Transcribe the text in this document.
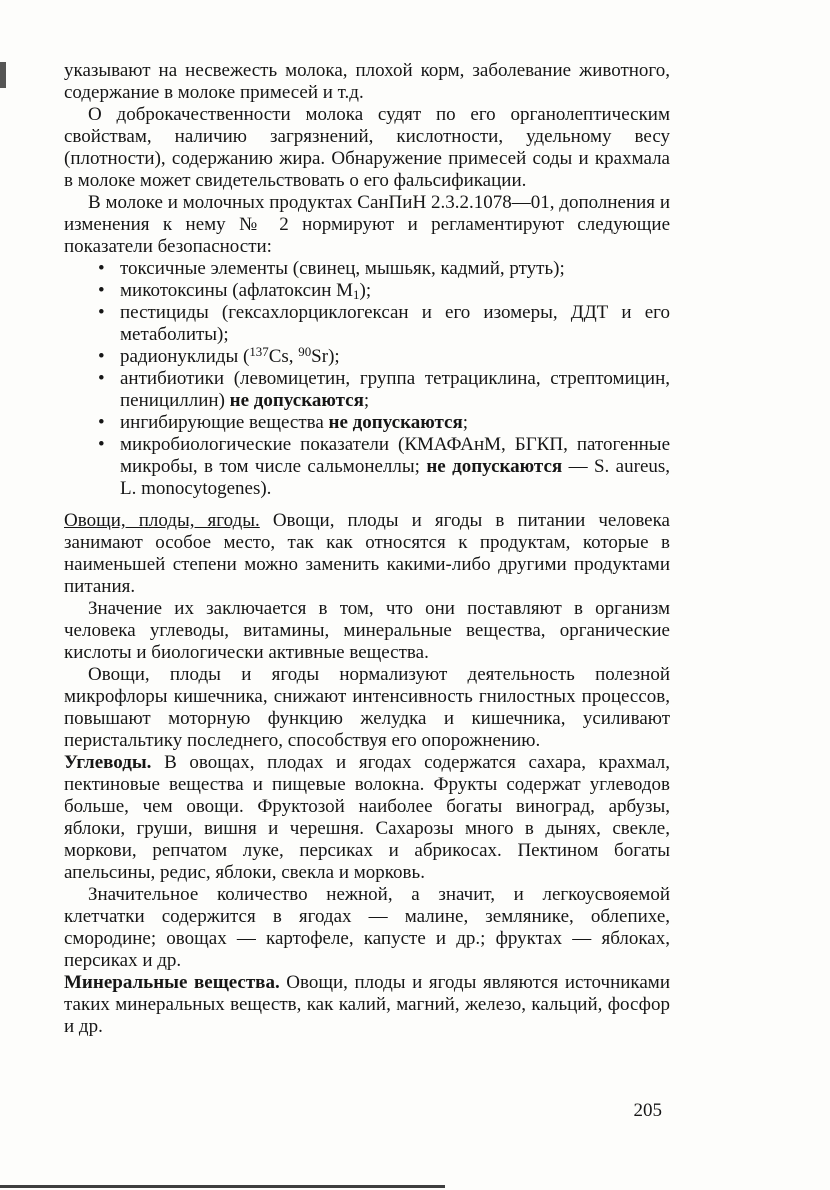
указывают на несвежесть молока, плохой корм, заболевание животного, содержание в молоке примесей и т.д.

О доброкачественности молока судят по его органолептическим свойствам, наличию загрязнений, кислотности, удельному весу (плотности), содержанию жира. Обнаружение примесей соды и крахмала в молоке может свидетельствовать о его фальсификации.

В молоке и молочных продуктах СанПиН 2.3.2.1078—01, дополнения и изменения к нему № 2 нормируют и регламентируют следующие показатели безопасности:

• токсичные элементы (свинец, мышьяк, кадмий, ртуть);
• микотоксины (афлатоксин M1);
• пестициды (гексахлорциклогексан и его изомеры, ДДТ и его метаболиты);
• радионуклиды ($^{137}$Cs, $^{90}$Sr);
• антибиотики (левомицетин, группа тетрациклина, стрептомицин, пенициллин) не допускаются;
• ингибирующие вещества не допускаются;
• микробиологические показатели (КМАФАнМ, БГКП, патогенные микробы, в том числе сальмонеллы; не допускаются — S. aureus, L. monocytogenes).

Овощи, плоды, ягоды. Овощи, плоды и ягоды в питании человека занимают особое место, так как относятся к продуктам, которые в наименьшей степени можно заменить какими-либо другими продуктами питания.

Значение их заключается в том, что они поставляют в организм человека углеводы, витамины, минеральные вещества, органические кислоты и биологически активные вещества.

Овощи, плоды и ягоды нормализуют деятельность полезной микрофлоры кишечника, снижают интенсивность гнилостных процессов, повышают моторную функцию желудка и кишечника, усиливают перистальтику последнего, способствуя его опорожнению.

Углеводы. В овощах, плодах и ягодах содержатся сахара, крахмал, пектиновые вещества и пищевые волокна. Фрукты содержат углеводов больше, чем овощи. Фруктозой наиболее богаты виноград, арбузы, яблоки, груши, вишня и черешня. Сахарозы много в дынях, свекле, моркови, репчатом луке, персиках и абрикосах. Пектином богаты апельсины, редис, яблоки, свекла и морковь.

Значительное количество нежной, а значит, и легкоусвояемой клетчатки содержится в ягодах — малине, землянике, облепихе, смородине; овощах — картофеле, капусте и др.; фруктах — яблоках, персиках и др.

Минеральные вещества. Овощи, плоды и ягоды являются источниками таких минеральных веществ, как калий, магний, железо, кальций, фосфор и др.

205
